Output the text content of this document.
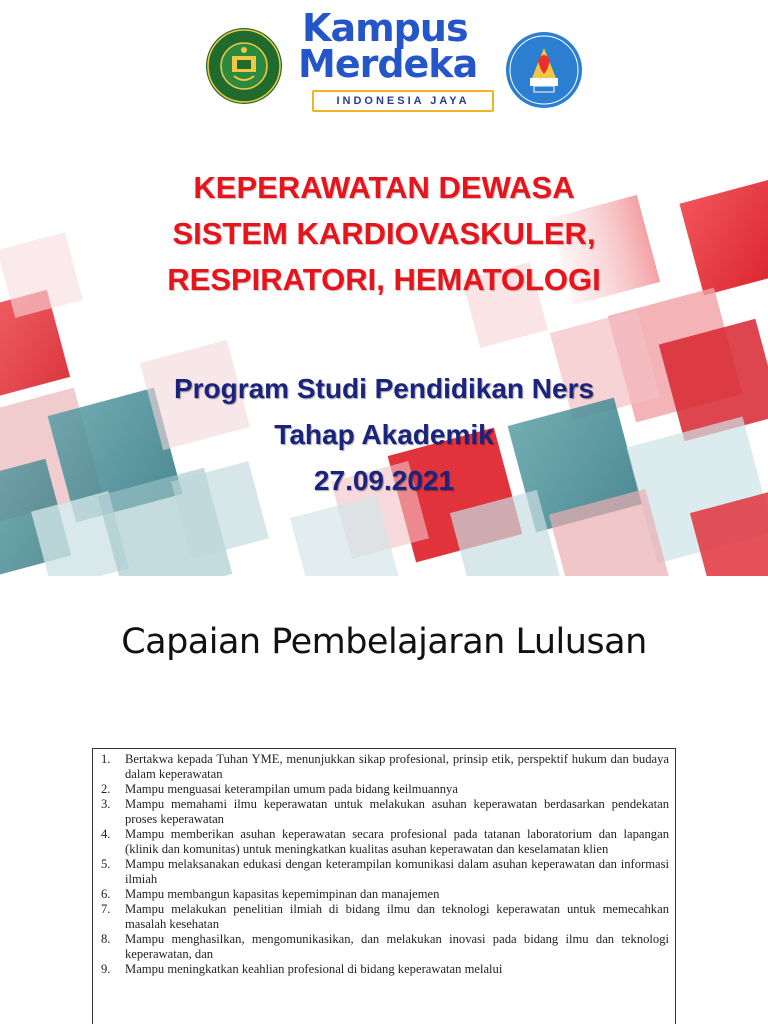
Kampus
Merdeka
INDONESIA JAYA
KEPERAWATAN DEWASA
SISTEM KARDIOVASKULER,
RESPIRATORI, HEMATOLOGI
Program Studi Pendidikan Ners
Tahap Akademik
27.09.2021
Capaian Pembelajaran Lulusan
1.	Bertakwa kepada Tuhan YME, menunjukkan sikap profesional, prinsip etik, perspektif hukum dan budaya dalam keperawatan
2.	Mampu menguasai keterampilan umum pada bidang keilmuannya
3.	Mampu memahami ilmu keperawatan untuk melakukan asuhan keperawatan berdasarkan pendekatan proses keperawatan
4.	Mampu memberikan asuhan keperawatan secara profesional pada tatanan laboratorium dan lapangan (klinik dan komunitas) untuk meningkatkan kualitas asuhan keperawatan dan keselamatan klien
5.	Mampu melaksanakan edukasi dengan keterampilan komunikasi dalam asuhan keperawatan dan informasi ilmiah
6.	Mampu membangun kapasitas kepemimpinan dan manajemen
7.	Mampu melakukan penelitian ilmiah di bidang ilmu dan teknologi keperawatan untuk memecahkan masalah kesehatan
8.	Mampu menghasilkan, mengomunikasikan, dan melakukan inovasi pada bidang ilmu dan teknologi keperawatan, dan
9.	Mampu meningkatkan keahlian profesional di bidang keperawatan melalui
